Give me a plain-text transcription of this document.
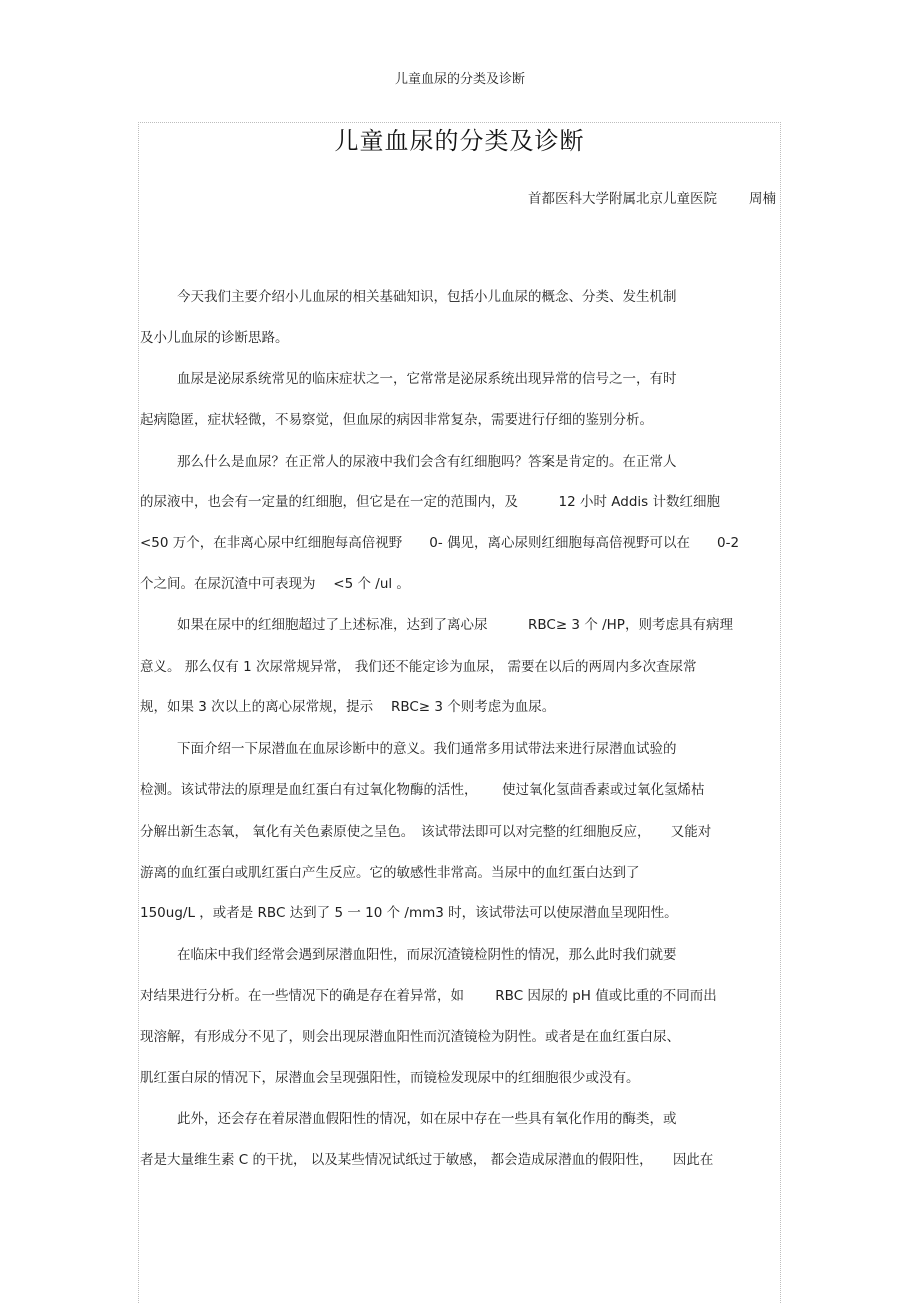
儿童血尿的分类及诊断
儿童血尿的分类及诊断
首都医科大学附属北京儿童医院 周楠
今天我们主要介绍小儿血尿的相关基础知识，包括小儿血尿的概念、分类、发生机制
及小儿血尿的诊断思路。
血尿是泌尿系统常见的临床症状之一，它常常是泌尿系统出现异常的信号之一，有时
起病隐匿，症状轻微，不易察觉，但血尿的病因非常复杂，需要进行仔细的鉴别分析。
那么什么是血尿？在正常人的尿液中我们会含有红细胞吗？答案是肯定的。在正常人
的尿液中，也会有一定量的红细胞，但它是在一定的范围内，及　　　12 小时 Addis 计数红细胞
<50 万个，在非离心尿中红细胞每高倍视野　　0- 偶见，离心尿则红细胞每高倍视野可以在　　0-2
个之间。在尿沉渣中可表现为　 <5 个 /ul 。
如果在尿中的红细胞超过了上述标准，达到了离心尿　　　RBC≥ 3 个 /HP，则考虑具有病理
意义。 那么仅有 1 次尿常规异常， 我们还不能定诊为血尿， 需要在以后的两周内多次查尿常
规，如果 3 次以上的离心尿常规，提示　 RBC≥ 3 个则考虑为血尿。
下面介绍一下尿潜血在血尿诊断中的意义。我们通常多用试带法来进行尿潜血试验的
检测。该试带法的原理是血红蛋白有过氧化物酶的活性，　　 使过氧化氢茴香素或过氧化氢烯枯
分解出新生态氧， 氧化有关色素原使之呈色。　该试带法即可以对完整的红细胞反应，　　又能对
游离的血红蛋白或肌红蛋白产生反应。它的敏感性非常高。当尿中的血红蛋白达到了
150ug/L ，或者是 RBC 达到了 5 一 10 个 /mm3 时，该试带法可以使尿潜血呈现阳性。
在临床中我们经常会遇到尿潜血阳性，而尿沉渣镜检阴性的情况，那么此时我们就要
对结果进行分析。在一些情况下的确是存在着异常，如　　 RBC 因尿的 pH 值或比重的不同而出
现溶解，有形成分不见了，则会出现尿潜血阳性而沉渣镜检为阴性。或者是在血红蛋白尿、
肌红蛋白尿的情况下，尿潜血会呈现强阳性，而镜检发现尿中的红细胞很少或没有。
此外，还会存在着尿潜血假阳性的情况，如在尿中存在一些具有氧化作用的酶类，或
者是大量维生素 C 的干扰， 以及某些情况试纸过于敏感， 都会造成尿潜血的假阳性，　　因此在
